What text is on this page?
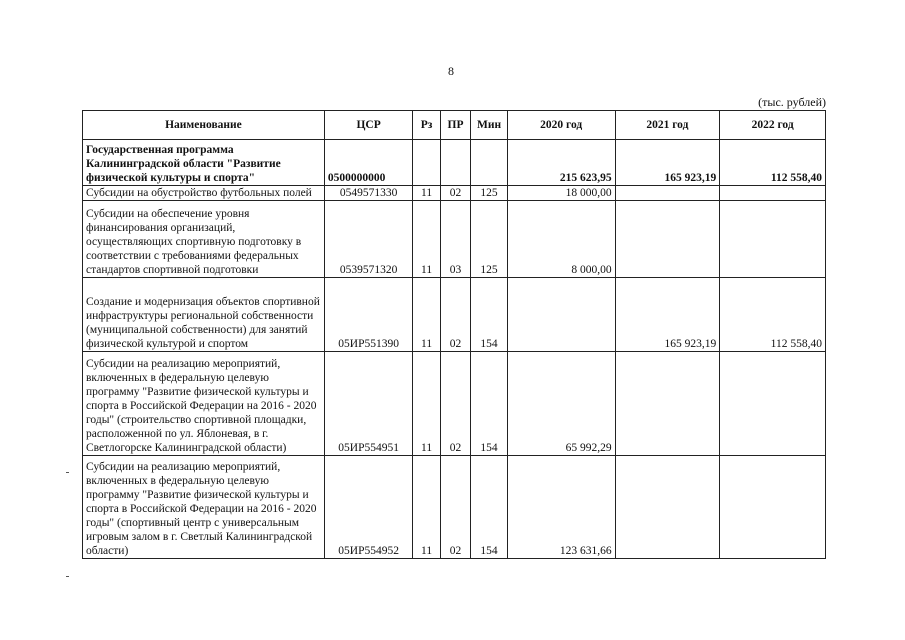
8
(тыс. рублей)
Наименование	ЦСР	Рз	ПР	Мин	2020 год	2021 год	2022 год
Государственная программа Калининградской области "Развитие физической культуры и спорта"	0500000000				215 623,95	165 923,19	112 558,40
Субсидии на обустройство футбольных полей	0549571330	11	02	125	18 000,00		
Субсидии на обеспечение уровня финансирования организаций, осуществляющих спортивную подготовку в соответствии с требованиями федеральных стандартов спортивной подготовки	0539571320	11	03	125	8 000,00		
Создание и модернизация объектов спортивной инфраструктуры региональной собственности (муниципальной собственности) для занятий физической культурой и спортом	05ИР551390	11	02	154		165 923,19	112 558,40
Субсидии на реализацию мероприятий, включенных в федеральную целевую программу "Развитие физической культуры и спорта в Российской Федерации на 2016 - 2020 годы" (строительство спортивной площадки, расположенной по ул. Яблоневая, в г. Светлогорске Калининградской области)	05ИР554951	11	02	154	65 992,29		
Субсидии на реализацию мероприятий, включенных в федеральную целевую программу "Развитие физической культуры и спорта в Российской Федерации на 2016 - 2020 годы" (спортивный центр с универсальным игровым залом в г. Светлый Калининградской области)	05ИР554952	11	02	154	123 631,66		
